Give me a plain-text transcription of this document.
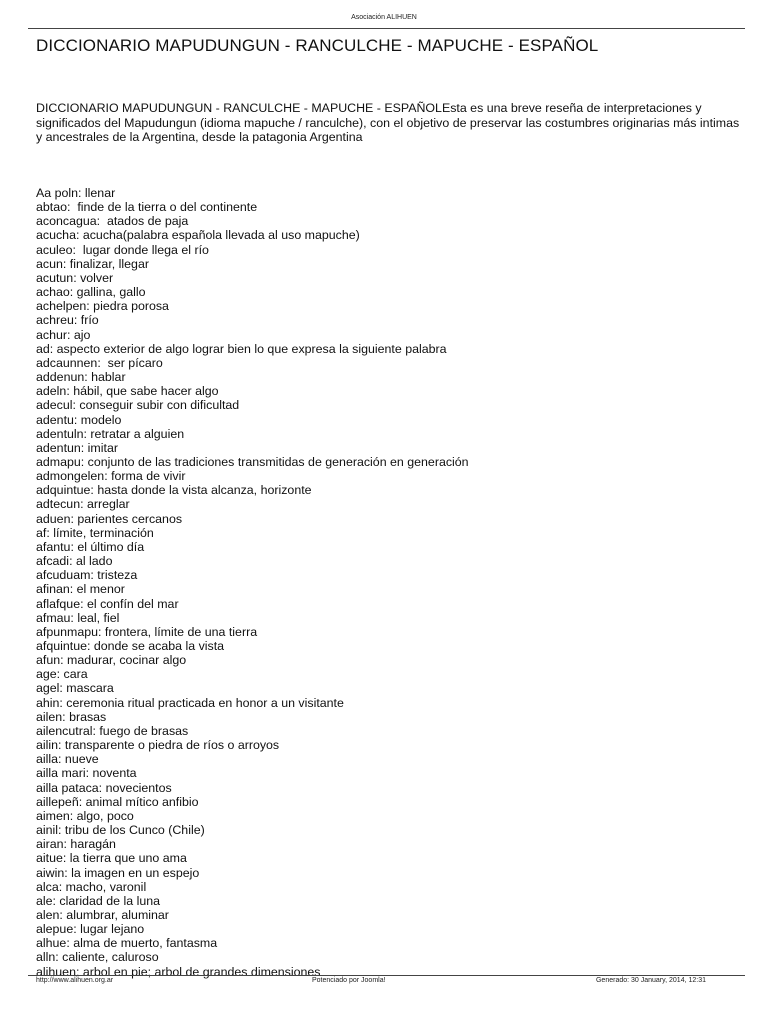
Asociación ALIHUEN
DICCIONARIO MAPUDUNGUN - RANCULCHE - MAPUCHE - ESPAÑOL

DICCIONARIO MAPUDUNGUN - RANCULCHE - MAPUCHE - ESPAÑOLEsta es una breve reseña de interpretaciones y significados del Mapudungun (idioma mapuche / ranculche), con el objetivo de preservar las costumbres originarias más intimas y ancestrales de la Argentina, desde la patagonia Argentina

Aa poln: llenar
abtao:  finde de la tierra o del continente
aconcagua:  atados de paja
acucha: acucha(palabra española llevada al uso mapuche)
aculeo:  lugar donde llega el río
acun: finalizar, llegar
acutun: volver
achao: gallina, gallo
achelpen: piedra porosa
achreu: frío
achur: ajo
ad: aspecto exterior de algo lograr bien lo que expresa la siguiente palabra
adcaunnen:  ser pícaro
addenun: hablar
adeln: hábil, que sabe hacer algo
adecul: conseguir subir con dificultad
adentu: modelo
adentuln: retratar a alguien
adentun: imitar
admapu: conjunto de las tradiciones transmitidas de generación en generación
admongelen: forma de vivir
adquintue: hasta donde la vista alcanza, horizonte
adtecun: arreglar
aduen: parientes cercanos
af: límite, terminación
afantu: el último día
afcadi: al lado
afcuduam: tristeza
afinan: el menor
aflafque: el confín del mar
afmau: leal, fiel
afpunmapu: frontera, límite de una tierra
afquintue: donde se acaba la vista
afun: madurar, cocinar algo
age: cara
agel: mascara
ahin: ceremonia ritual practicada en honor a un visitante
ailen: brasas
ailencutral: fuego de brasas
ailin: transparente o piedra de ríos o arroyos
ailla: nueve
ailla mari: noventa
ailla pataca: novecientos
aillepeñ: animal mítico anfibio
aimen: algo, poco
ainil: tribu de los Cunco (Chile)
airan: haragán
aitue: la tierra que uno ama
aiwin: la imagen en un espejo
alca: macho, varonil
ale: claridad de la luna
alen: alumbrar, aluminar
alepue: lugar lejano
alhue: alma de muerto, fantasma
alln: caliente, caluroso
alihuen: arbol en pie; arbol de grandes dimensiones
http://www.alihuen.org.ar	Potenciado por Joomla!	Generado: 30 January, 2014, 12:31
